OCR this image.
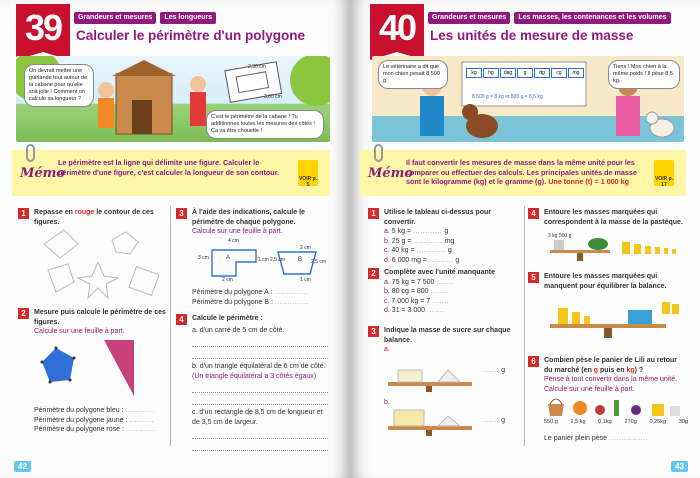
39	Grandeurs et mesures	Les longueurs
Calculer le périmètre d'un polygone
On devrait mettre une guirlande tout autour de la cabane pour qu'elle soit jolie ! Comment on calcule sa longueur ?
C'est le périmètre de la cabane ! Tu additionnes toutes les mesures des côtés ! Ça va être chouette !
2,30 cm
3,60 cm
Mémo
Le périmètre est la ligne qui délimite une figure. Calculer le périmètre d'une figure, c'est calculer la longueur de son contour.
VOIR p. 5
1	Repasse en rouge le contour de ces figures.
2	Mesure puis calcule le périmètre de ces figures.
Calcule sur une feuille à part.
Périmètre du polygone bleu : ............
Périmètre du polygone jaune : ..........
Périmètre du polygone rose : ............
3	À l'aide des indications, calcule le périmètre de chaque polygone.
Calcule sur une feuille à part.
4 cm
3 cm	1 cm
2 cm
A
2 cm
2,5 cm	2,5 cm
1 cm
B
Périmètre du polygone A : ..............
Périmètre du polygone B : ..............
4	Calcule le périmètre :
a. d'un carré de 5 cm de côté.
b. d'un triangle équilatéral de 6 cm de côté.
(Un triangle équilatéral a 3 côtés égaux)
c. d'un rectangle de 8,5 cm de longueur et de 3,5 cm de largeur.
42
40	Grandeurs et mesures	Les masses, les contenances et les volumes
Les unités de mesure de masse
Le vétérinaire a dit que mon chien pesait 8 500 g.
Tiens ! Mon chien à la même poids ! Il pèse 8,5 kg.
kg	hg	dag	g	dg	cg	mg
8 500 g = 8 kg et 500 g = 8,5 kg
Mémo
Il faut convertir les mesures de masse dans la même unité pour les comparer ou effectuer des calculs. Les principales unités de masse sont le kilogramme (kg) et le gramme (g). Une tonne (t) = 1 000 kg	VOIR p. 17
1	Utilise le tableau ci-dessus pour convertir.
a. 5 kg = ............ g
b. 25 g = ............ mg
c. 40 kg = ............ g
d. 6 000 mg = .......... g
2	Complète avec l'unité manquante
a. 75 kg = 7 500 .......
b. 80 cg = 800 .......
c. 7 000 kg = 7 .......
d. 31 = 3 000 .......
3	Indique la masse de sucre sur chaque balance.
a.
....... g
....... g
b.
4	Entoure les masses marquées qui correspondent à la masse de la pastèque.
3 kg 500 g
5	Entoure les masses marquées qui manquent pour équilibrer la balance.
1,820 kg
6	Combien pèse le panier de Lili au retour du marché (en g puis en kg) ?
Pense à tout convertir dans la même unité. Calcule sur une feuille à part.
550 g 2,5 kg 0,1kg 270g 0,25kg 30g
Le panier plein pèse ................
43
